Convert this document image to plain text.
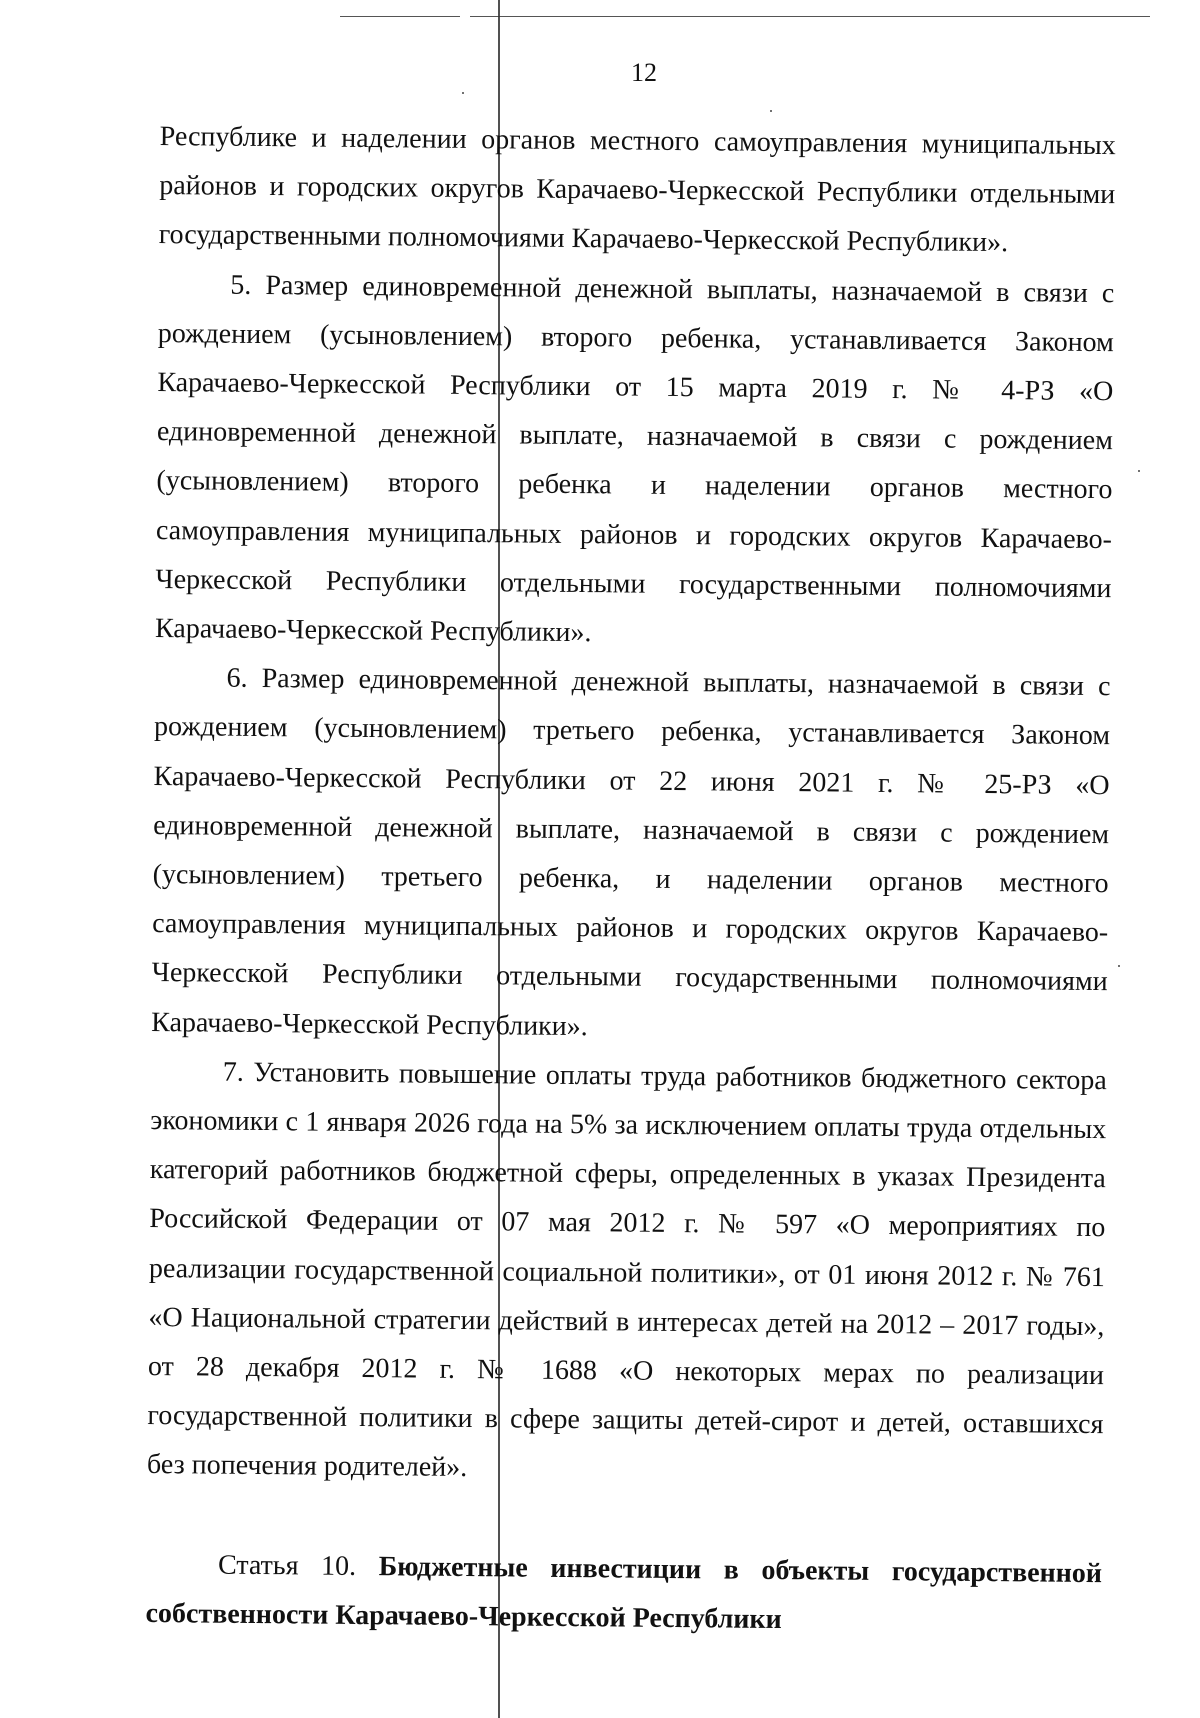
12

Республике и наделении органов местного самоуправления муниципальных районов и городских округов Карачаево-Черкесской Республики отдельными государственными полномочиями Карачаево-Черкесской Республики».

5. Размер единовременной денежной выплаты, назначаемой в связи с рождением (усыновлением) второго ребенка, устанавливается Законом Карачаево-Черкесской Республики от 15 марта 2019 г. № 4-РЗ «О единовременной денежной выплате, назначаемой в связи с рождением (усыновлением) второго ребенка и наделении органов местного самоуправления муниципальных районов и городских округов Карачаево-Черкесской Республики отдельными государственными полномочиями Карачаево-Черкесской Республики».

6. Размер единовременной денежной выплаты, назначаемой в связи с рождением (усыновлением) третьего ребенка, устанавливается Законом Карачаево-Черкесской Республики от 22 июня 2021 г. № 25-РЗ «О единовременной денежной выплате, назначаемой в связи с рождением (усыновлением) третьего ребенка, и наделении органов местного самоуправления муниципальных районов и городских округов Карачаево-Черкесской Республики отдельными государственными полномочиями Карачаево-Черкесской Республики».

7. Установить повышение оплаты труда работников бюджетного сектора экономики с 1 января 2026 года на 5% за исключением оплаты труда отдельных категорий работников бюджетной сферы, определенных в указах Президента Российской Федерации от 07 мая 2012 г. № 597 «О мероприятиях по реализации государственной социальной политики», от 01 июня 2012 г. № 761 «О Национальной стратегии действий в интересах детей на 2012 – 2017 годы», от 28 декабря 2012 г. № 1688 «О некоторых мерах по реализации государственной политики в сфере защиты детей-сирот и детей, оставшихся без попечения родителей».

Статья 10. Бюджетные инвестиции в объекты государственной собственности Карачаево-Черкесской Республики
